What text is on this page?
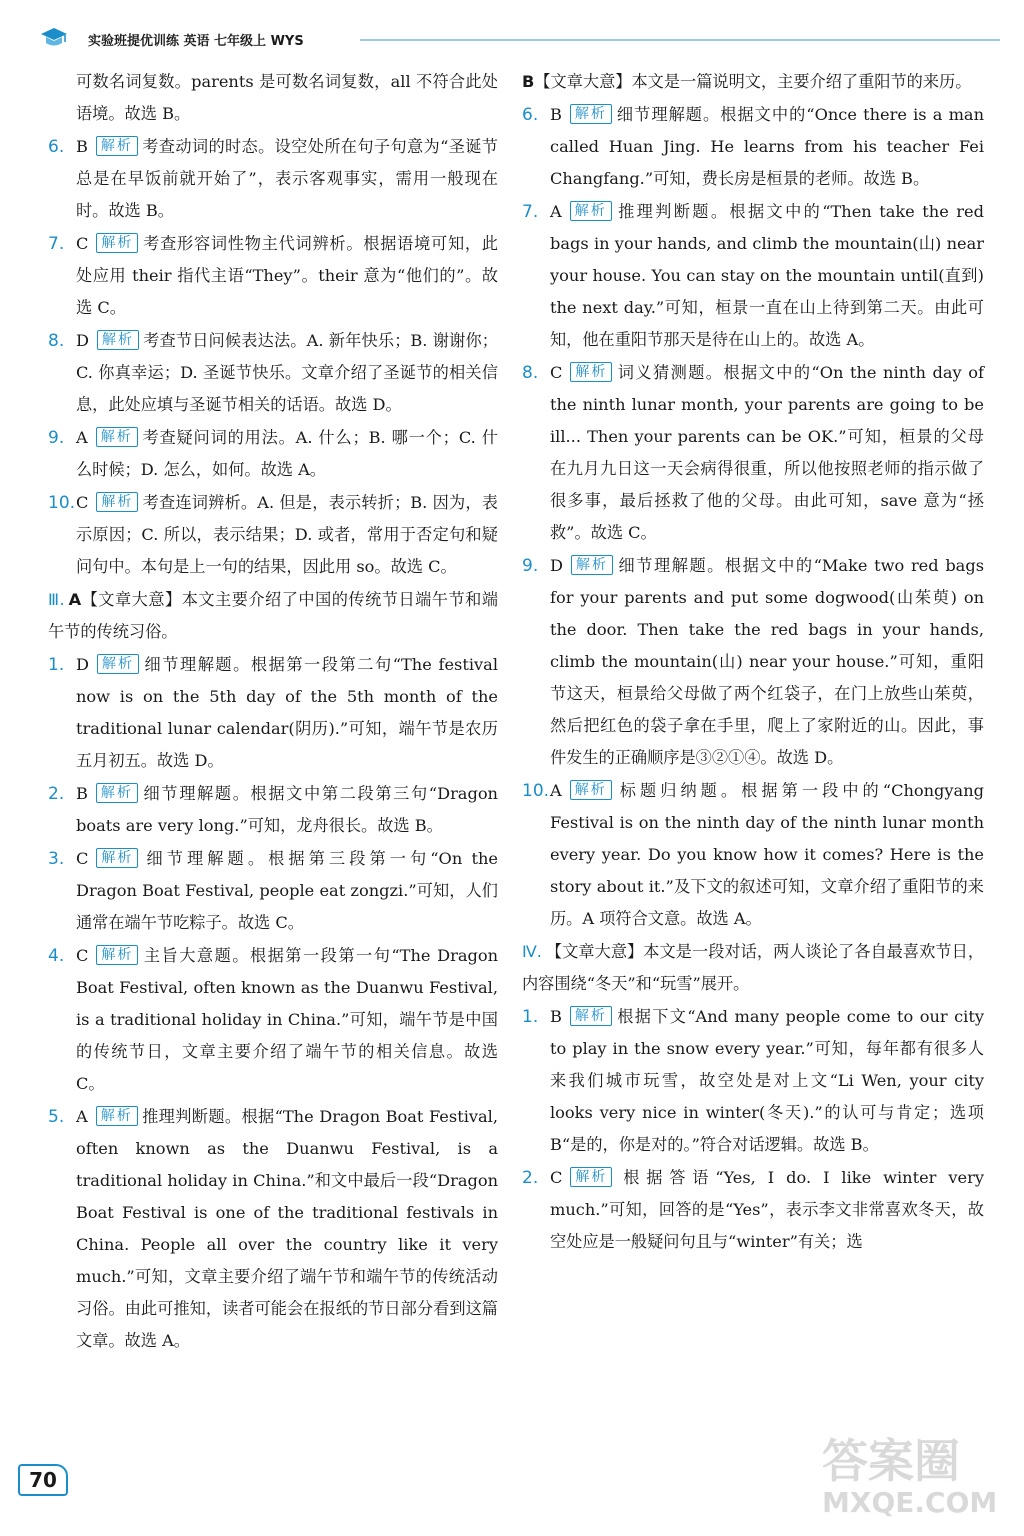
实验班提优训练 英语 七年级上 WYS

可数名词复数。parents 是可数名词复数，all 不符合此处语境。故选 B。

6. B 解析 考查动词的时态。设空处所在句子句意为“圣诞节总是在早饭前就开始了”，表示客观事实，需用一般现在时。故选 B。

7. C 解析 考查形容词性物主代词辨析。根据语境可知，此处应用 their 指代主语“They”。their 意为“他们的”。故选 C。

8. D 解析 考查节日问候表达法。A. 新年快乐；B. 谢谢你；C. 你真幸运；D. 圣诞节快乐。文章介绍了圣诞节的相关信息，此处应填与圣诞节相关的话语。故选 D。

9. A 解析 考查疑问词的用法。A. 什么；B. 哪一个；C. 什么时候；D. 怎么，如何。故选 A。

10. C 解析 考查连词辨析。A. 但是，表示转折；B. 因为，表示原因；C. 所以，表示结果；D. 或者，常用于否定句和疑问句中。本句是上一句的结果，因此用 so。故选 C。

Ⅲ. A【文章大意】本文主要介绍了中国的传统节日端午节和端午节的传统习俗。

1. D 解析 细节理解题。根据第一段第二句“The festival now is on the 5th day of the 5th month of the traditional lunar calendar(阴历).”可知，端午节是农历五月初五。故选 D。

2. B 解析 细节理解题。根据文中第二段第三句“Dragon boats are very long.”可知，龙舟很长。故选 B。

3. C 解析 细节理解题。根据第三段第一句“On the Dragon Boat Festival, people eat zongzi.”可知，人们通常在端午节吃粽子。故选 C。

4. C 解析 主旨大意题。根据第一段第一句“The Dragon Boat Festival, often known as the Duanwu Festival, is a traditional holiday in China.”可知，端午节是中国的传统节日，文章主要介绍了端午节的相关信息。故选 C。

5. A 解析 推理判断题。根据“The Dragon Boat Festival, often known as the Duanwu Festival, is a traditional holiday in China.”和文中最后一段“Dragon Boat Festival is one of the traditional festivals in China. People all over the country like it very much.”可知，文章主要介绍了端午节和端午节的传统活动习俗。由此可推知，读者可能会在报纸的节日部分看到这篇文章。故选 A。

B【文章大意】本文是一篇说明文，主要介绍了重阳节的来历。

6. B 解析 细节理解题。根据文中的“Once there is a man called Huan Jing. He learns from his teacher Fei Changfang.”可知，费长房是桓景的老师。故选 B。

7. A 解析 推理判断题。根据文中的“Then take the red bags in your hands, and climb the mountain(山) near your house. You can stay on the mountain until(直到) the next day.”可知，桓景一直在山上待到第二天。由此可知，他在重阳节那天是待在山上的。故选 A。

8. C 解析 词义猜测题。根据文中的“On the ninth day of the ninth lunar month, your parents are going to be ill... Then your parents can be OK.”可知，桓景的父母在九月九日这一天会病得很重，所以他按照老师的指示做了很多事，最后拯救了他的父母。由此可知，save 意为“拯救”。故选 C。

9. D 解析 细节理解题。根据文中的“Make two red bags for your parents and put some dogwood(山茱萸) on the door. Then take the red bags in your hands, climb the mountain(山) near your house.”可知，重阳节这天，桓景给父母做了两个红袋子，在门上放些山茱萸，然后把红色的袋子拿在手里，爬上了家附近的山。因此，事件发生的正确顺序是③②①④。故选 D。

10. A 解析 标题归纳题。根据第一段中的“Chongyang Festival is on the ninth day of the ninth lunar month every year. Do you know how it comes? Here is the story about it.”及下文的叙述可知，文章介绍了重阳节的来历。A 项符合文意。故选 A。

Ⅳ. 【文章大意】本文是一段对话，两人谈论了各自最喜欢节日，内容围绕“冬天”和“玩雪”展开。

1. B 解析 根据下文“And many people come to our city to play in the snow every year.”可知，每年都有很多人来我们城市玩雪，故空处是对上文“Li Wen, your city looks very nice in winter(冬天).”的认可与肯定；选项 B“是的，你是对的。”符合对话逻辑。故选 B。

2. C 解析 根据答语“Yes, I do. I like winter very much.”可知，回答的是“Yes”，表示李文非常喜欢冬天，故空处应是一般疑问句且与“winter”有关；选

70	答案圈
MXQE.COM
